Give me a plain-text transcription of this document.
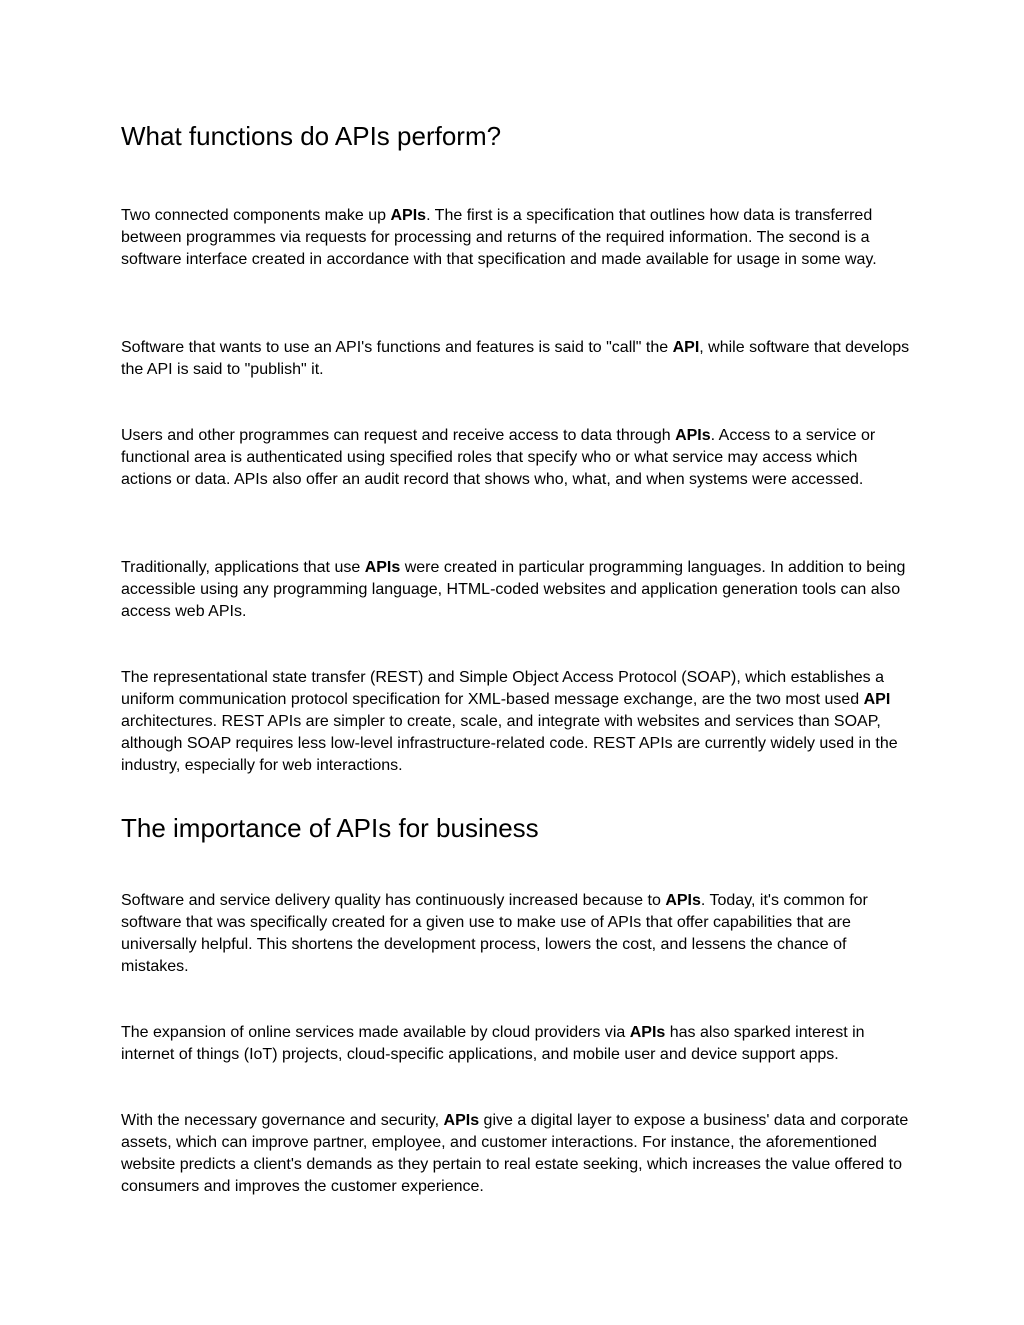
What functions do APIs perform?

Two connected components make up APIs. The first is a specification that outlines how data is transferred between programmes via requests for processing and returns of the required information. The second is a software interface created in accordance with that specification and made available for usage in some way.

Software that wants to use an API's functions and features is said to "call" the API, while software that develops the API is said to "publish" it.

Users and other programmes can request and receive access to data through APIs. Access to a service or functional area is authenticated using specified roles that specify who or what service may access which actions or data. APIs also offer an audit record that shows who, what, and when systems were accessed.

Traditionally, applications that use APIs were created in particular programming languages. In addition to being accessible using any programming language, HTML-coded websites and application generation tools can also access web APIs.

The representational state transfer (REST) and Simple Object Access Protocol (SOAP), which establishes a uniform communication protocol specification for XML-based message exchange, are the two most used API architectures. REST APIs are simpler to create, scale, and integrate with websites and services than SOAP, although SOAP requires less low-level infrastructure-related code. REST APIs are currently widely used in the industry, especially for web interactions.

The importance of APIs for business

Software and service delivery quality has continuously increased because to APIs. Today, it's common for software that was specifically created for a given use to make use of APIs that offer capabilities that are universally helpful. This shortens the development process, lowers the cost, and lessens the chance of mistakes.

The expansion of online services made available by cloud providers via APIs has also sparked interest in internet of things (IoT) projects, cloud-specific applications, and mobile user and device support apps.

With the necessary governance and security, APIs give a digital layer to expose a business' data and corporate assets, which can improve partner, employee, and customer interactions. For instance, the aforementioned website predicts a client's demands as they pertain to real estate seeking, which increases the value offered to consumers and improves the customer experience.
